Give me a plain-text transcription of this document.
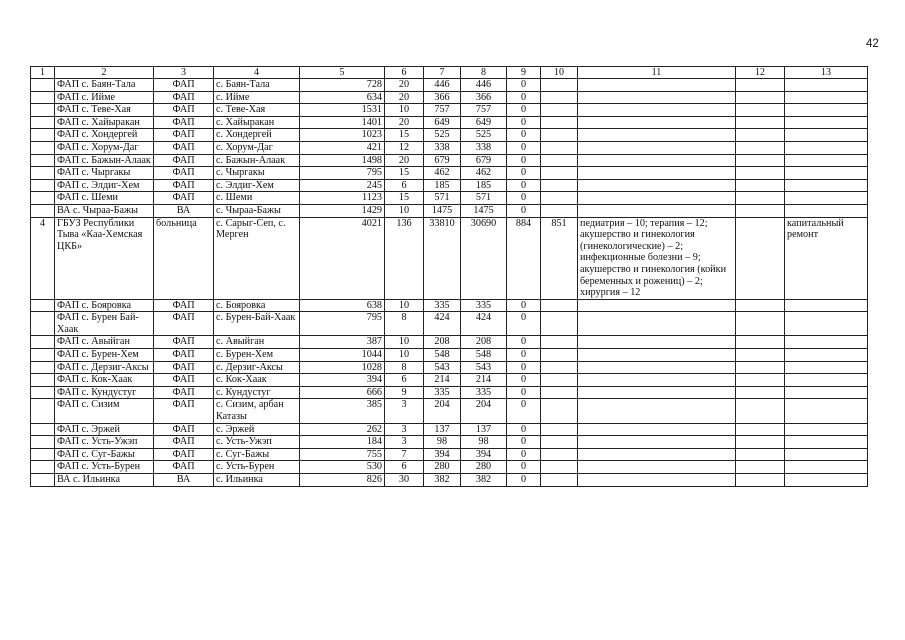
42
1	2	3	4	5	6	7	8	9	10	11	12	13
	ФАП с. Баян-Тала	ФАП	с. Баян-Тала	728	20	446	446	0				
	ФАП с. Ийме	ФАП	с. Ийме	634	20	366	366	0				
	ФАП с. Теве-Хая	ФАП	с. Теве-Хая	1531	10	757	757	0				
	ФАП с. Хайыракан	ФАП	с. Хайыракан	1401	20	649	649	0				
	ФАП с. Хондергей	ФАП	с. Хондергей	1023	15	525	525	0				
	ФАП с. Хорум-Даг	ФАП	с. Хорум-Даг	421	12	338	338	0				
	ФАП с. Бажын-Алаак	ФАП	с. Бажын-Алаак	1498	20	679	679	0				
	ФАП с. Чыргакы	ФАП	с. Чыргакы	795	15	462	462	0				
	ФАП с. Элдиг-Хем	ФАП	с. Элдиг-Хем	245	6	185	185	0				
	ФАП с. Шеми	ФАП	с. Шеми	1123	15	571	571	0				
	ВА с. Чыраа-Бажы	ВА	с. Чыраа-Бажы	1429	10	1475	1475	0				
4	ГБУЗ Республики Тыва «Каа-Хемская ЦКБ»	больница	с. Сарыг-Сеп, с. Мерген	4021	136	33810	30690	884	851	педиатрия – 10; терапия – 12; акушерство и гинекология (гинекологические) – 2; инфекционные болезни – 9; акушерство и гинекология (койки беременных и рожениц) – 2; хирургия – 12		капитальный ремонт
	ФАП с. Бояровка	ФАП	с. Бояровка	638	10	335	335	0				
	ФАП с. Бурен Бай-Хаак	ФАП	с. Бурен-Бай-Хаак	795	8	424	424	0				
	ФАП с. Авыйган	ФАП	с. Авыйган	387	10	208	208	0				
	ФАП с. Бурен-Хем	ФАП	с. Бурен-Хем	1044	10	548	548	0				
	ФАП с. Дерзиг-Аксы	ФАП	с. Дерзиг-Аксы	1028	8	543	543	0				
	ФАП с. Кок-Хаак	ФАП	с. Кок-Хаак	394	6	214	214	0				
	ФАП с. Кундустуг	ФАП	с. Кундустуг	666	9	335	335	0				
	ФАП с. Сизим	ФАП	с. Сизим, арбан Катазы	385	3	204	204	0				
	ФАП с. Эржей	ФАП	с. Эржей	262	3	137	137	0				
	ФАП с. Усть-Ужэп	ФАП	с. Усть-Ужэп	184	3	98	98	0				
	ФАП с. Суг-Бажы	ФАП	с. Суг-Бажы	755	7	394	394	0				
	ФАП с. Усть-Бурен	ФАП	с. Усть-Бурен	530	6	280	280	0				
	ВА с. Ильинка	ВА	с. Ильинка	826	30	382	382	0				
